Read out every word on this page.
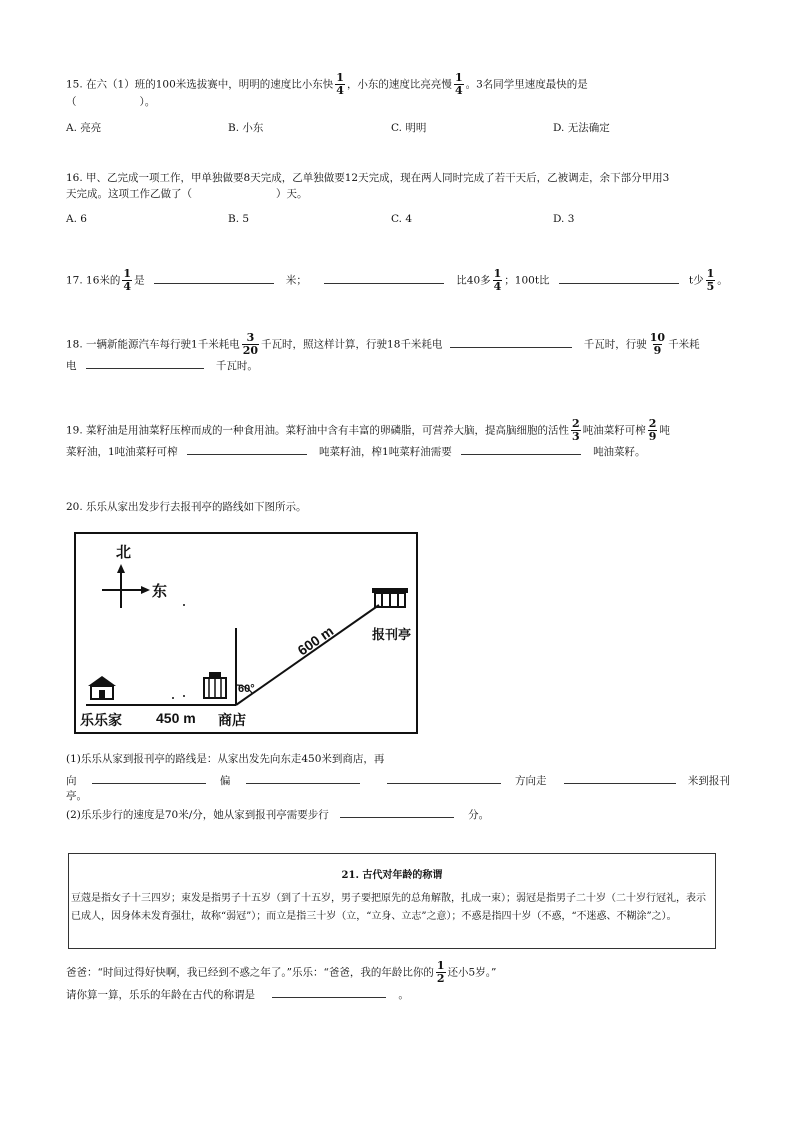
15. 在六（1）班的100米选拔赛中，明明的速度比小东快 $\frac{1}{4}$ ，小东的速度比亮亮慢 $\frac{1}{4}$ 。3名同学里速度最快的是
（　　　　　　）。
A. 亮亮	B. 小东	C. 明明	D. 无法确定
16. 甲、乙完成一项工作，甲单独做要8天完成，乙单独做要12天完成，现在两人同时完成了若干天后，乙被调走，余下部分甲用3
天完成。这项工作乙做了（	）天。
A. 6	B. 5	C. 4	D. 3
17. 16米的 $\frac{1}{4}$ 是	米；	比40多 $\frac{1}{4}$ ；100t比	t少 $\frac{1}{5}$ 。
18. 一辆新能源汽车每行驶1千米耗电 $\frac{3}{20}$ 千瓦时，照这样计算，行驶18千米耗电	千瓦时，行驶 $\frac{10}{9}$ 千米耗
电	千瓦时。
19. 菜籽油是用油菜籽压榨而成的一种食用油。菜籽油中含有丰富的卵磷脂，可营养大脑，提高脑细胞的活性 $\frac{2}{3}$ 吨油菜籽可榨 $\frac{2}{9}$ 吨
菜籽油，1吨油菜籽可榨	吨菜籽油，榨1吨菜籽油需要	吨油菜籽。
20. 乐乐从家出发步行去报刊亭的路线如下图所示。
北
东
乐乐家 450 m 商店
60°
600 m	报刊亭
(1)乐乐从家到报刊亭的路线是：从家出发先向东走450米到商店，再
向	偏	方向走	米到报刊
亭。
(2)乐乐步行的速度是70米/分，她从家到报刊亭需要步行	分。
21. 古代对年龄的称谓
豆蔻是指女子十三四岁；束发是指男子十五岁（到了十五岁，男子要把原先的总角解散，扎成一束）；弱冠是指男子二十岁（二十岁行冠礼，表示已成人，因身体未发育强壮，故称“弱冠”）；而立是指三十岁（立，“立身、立志”之意）；不惑是指四十岁（不惑，“不迷惑、不糊涂”之）。
爸爸：“时间过得好快啊，我已经到不惑之年了。”乐乐：“爸爸，我的年龄比你的 $\frac{1}{2}$ 还小5岁。”
请你算一算，乐乐的年龄在古代的称谓是	。
